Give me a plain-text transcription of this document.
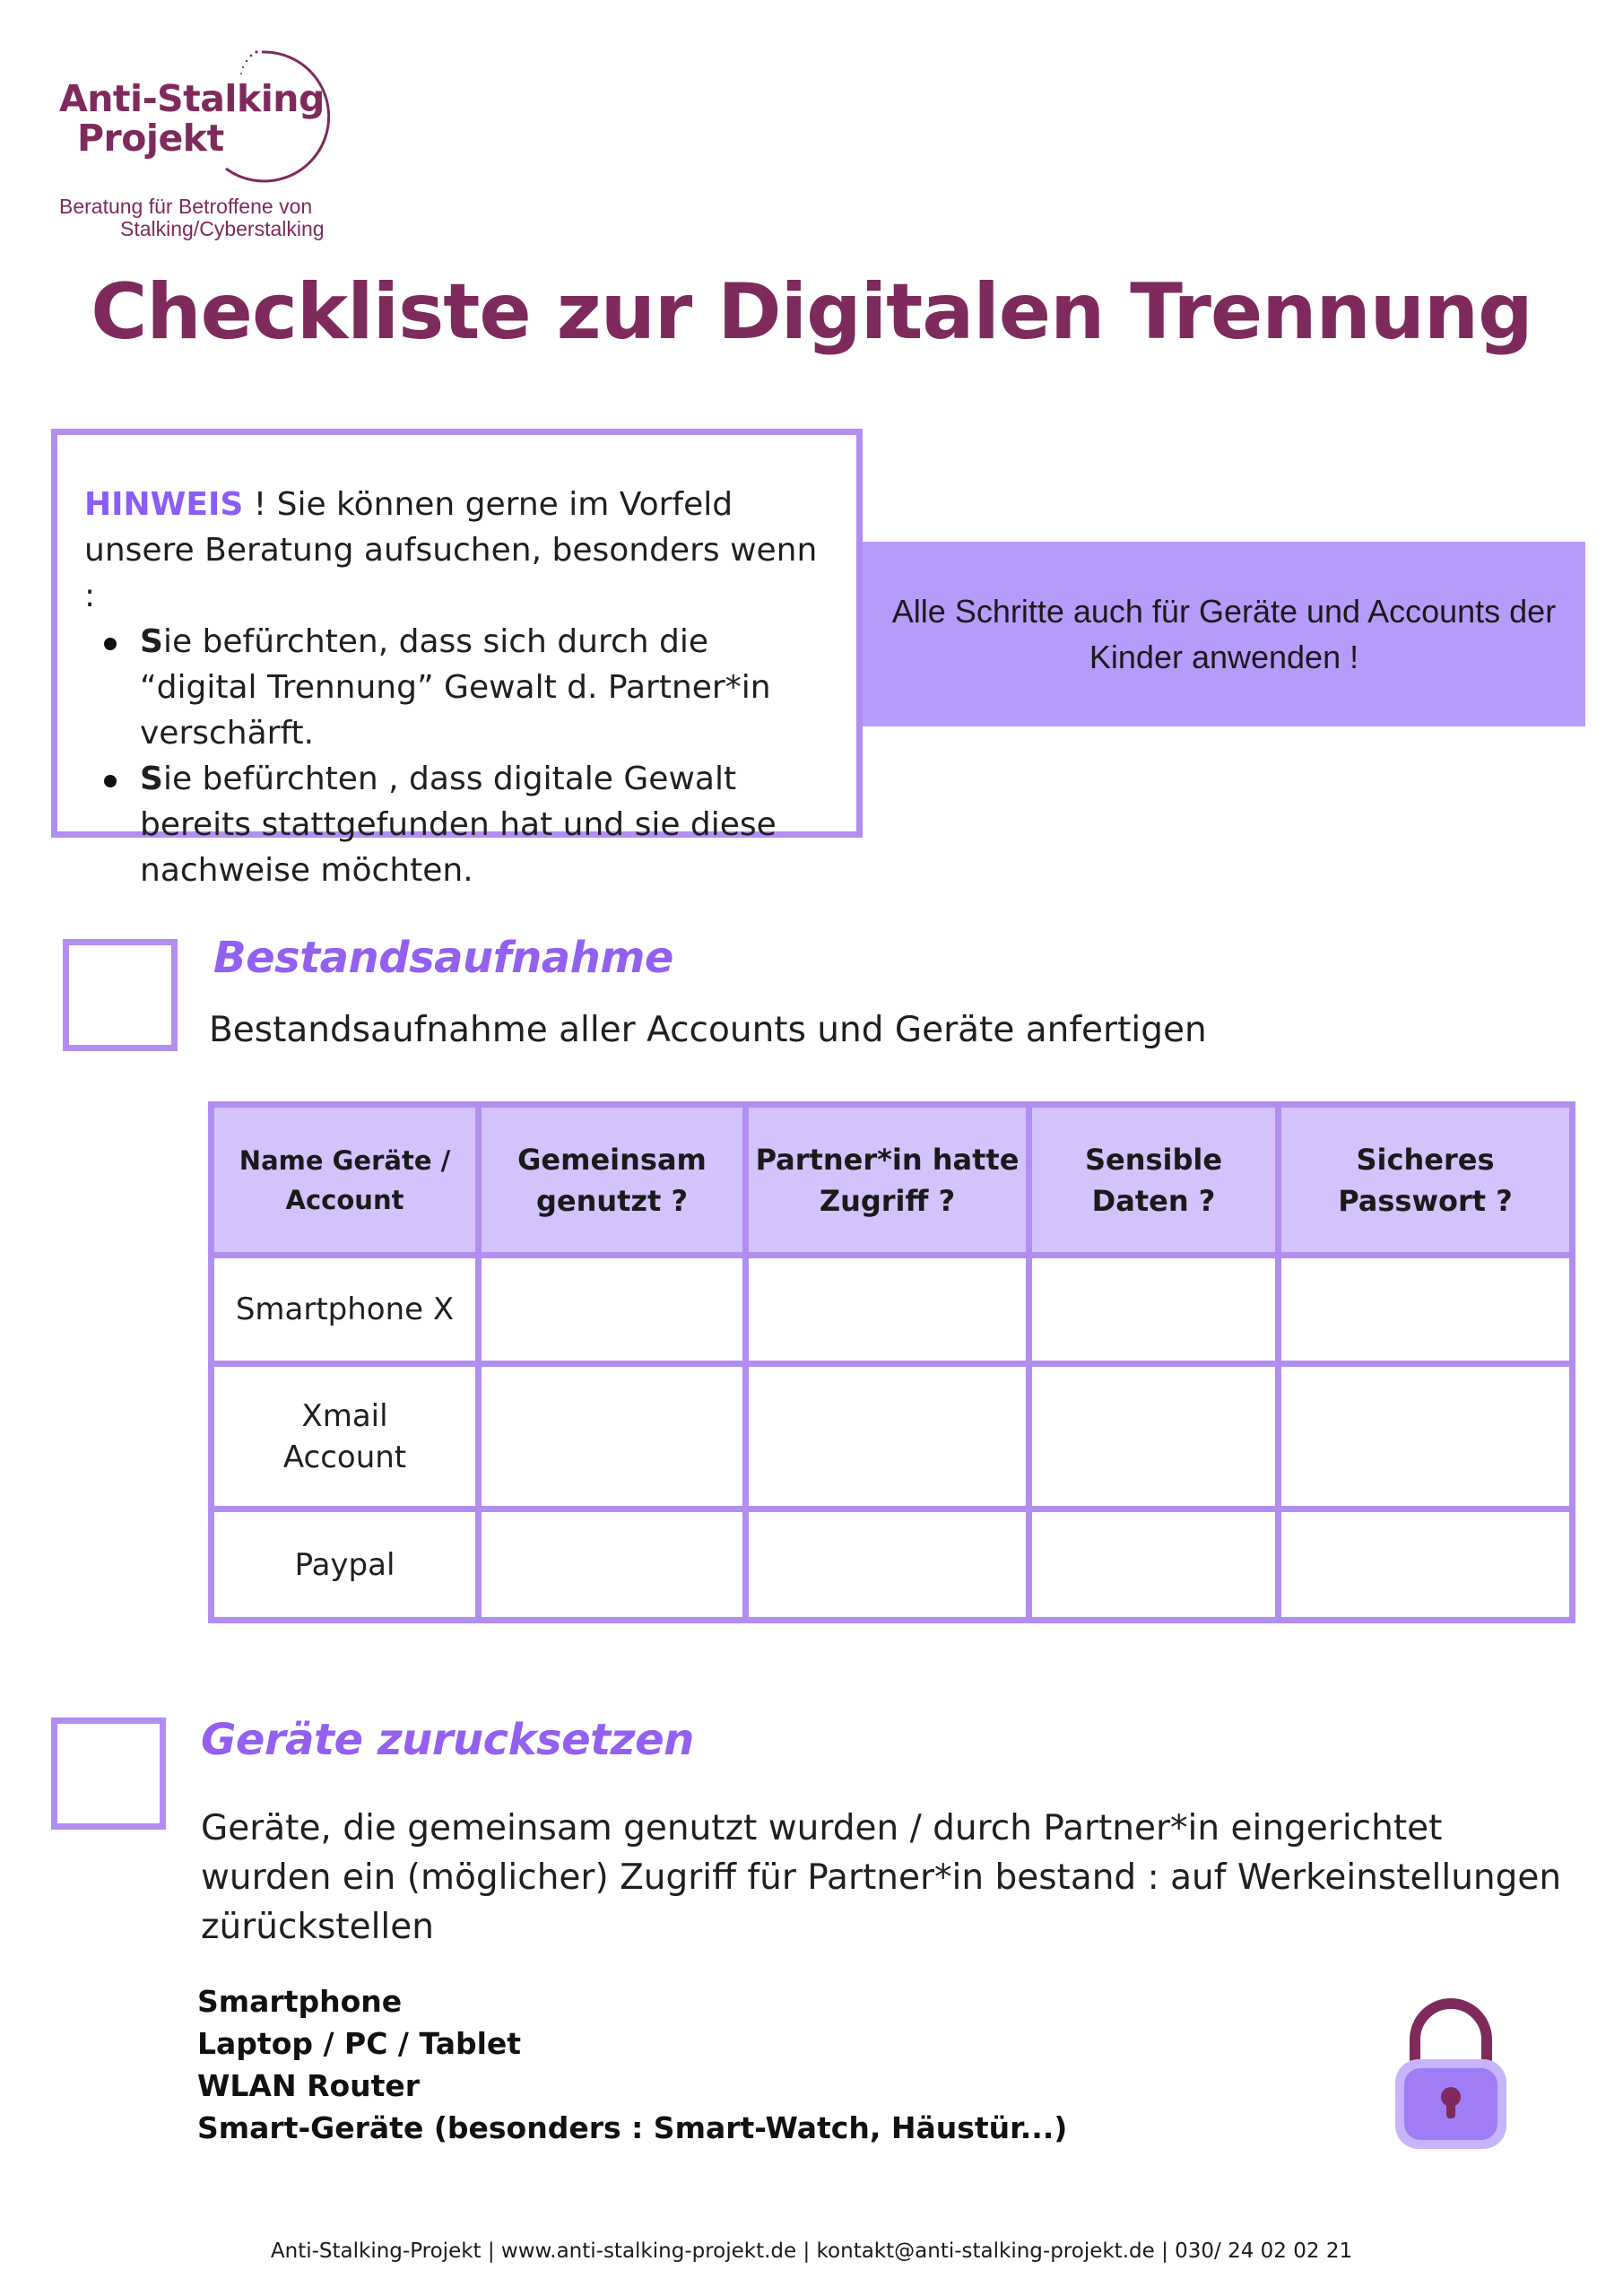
Anti-Stalking
Projekt
Beratung für Betroffene von
Stalking/Cyberstalking
Checkliste zur Digitalen Trennung

HINWEIS ! Sie können gerne im Vorfeld unsere Beratung aufsuchen, besonders wenn :

Sie befürchten, dass sich durch die “digital Trennung” Gewalt d. Partner*in verschärft.
Sie befürchten , dass digitale Gewalt bereits stattgefunden hat und sie diese nachweise möchten.
Alle Schritte auch für Geräte und Accounts der Kinder anwenden !
Bestandsaufnahme
Bestandsaufnahme aller Accounts und Geräte anfertigen
Name Geräte / Account	Gemeinsam genutzt ?	Partner*in hatte Zugriff ?	Sensible Daten ?	Sicheres Passwort ?
Smartphone X				
Xmail
Account				
Paypal				
Geräte zurucksetzen
Geräte, die gemeinsam genutzt wurden / durch Partner*in eingerichtet wurden ein (möglicher) Zugriff für Partner*in bestand : auf Werkeinstellungen zürückstellen
Smartphone
Laptop / PC / Tablet
WLAN Router
Smart-Geräte (besonders : Smart-Watch, Häustür...)
Anti-Stalking-Projekt | www.anti-stalking-projekt.de | kontakt@anti-stalking-projekt.de | 030/ 24 02 02 21
